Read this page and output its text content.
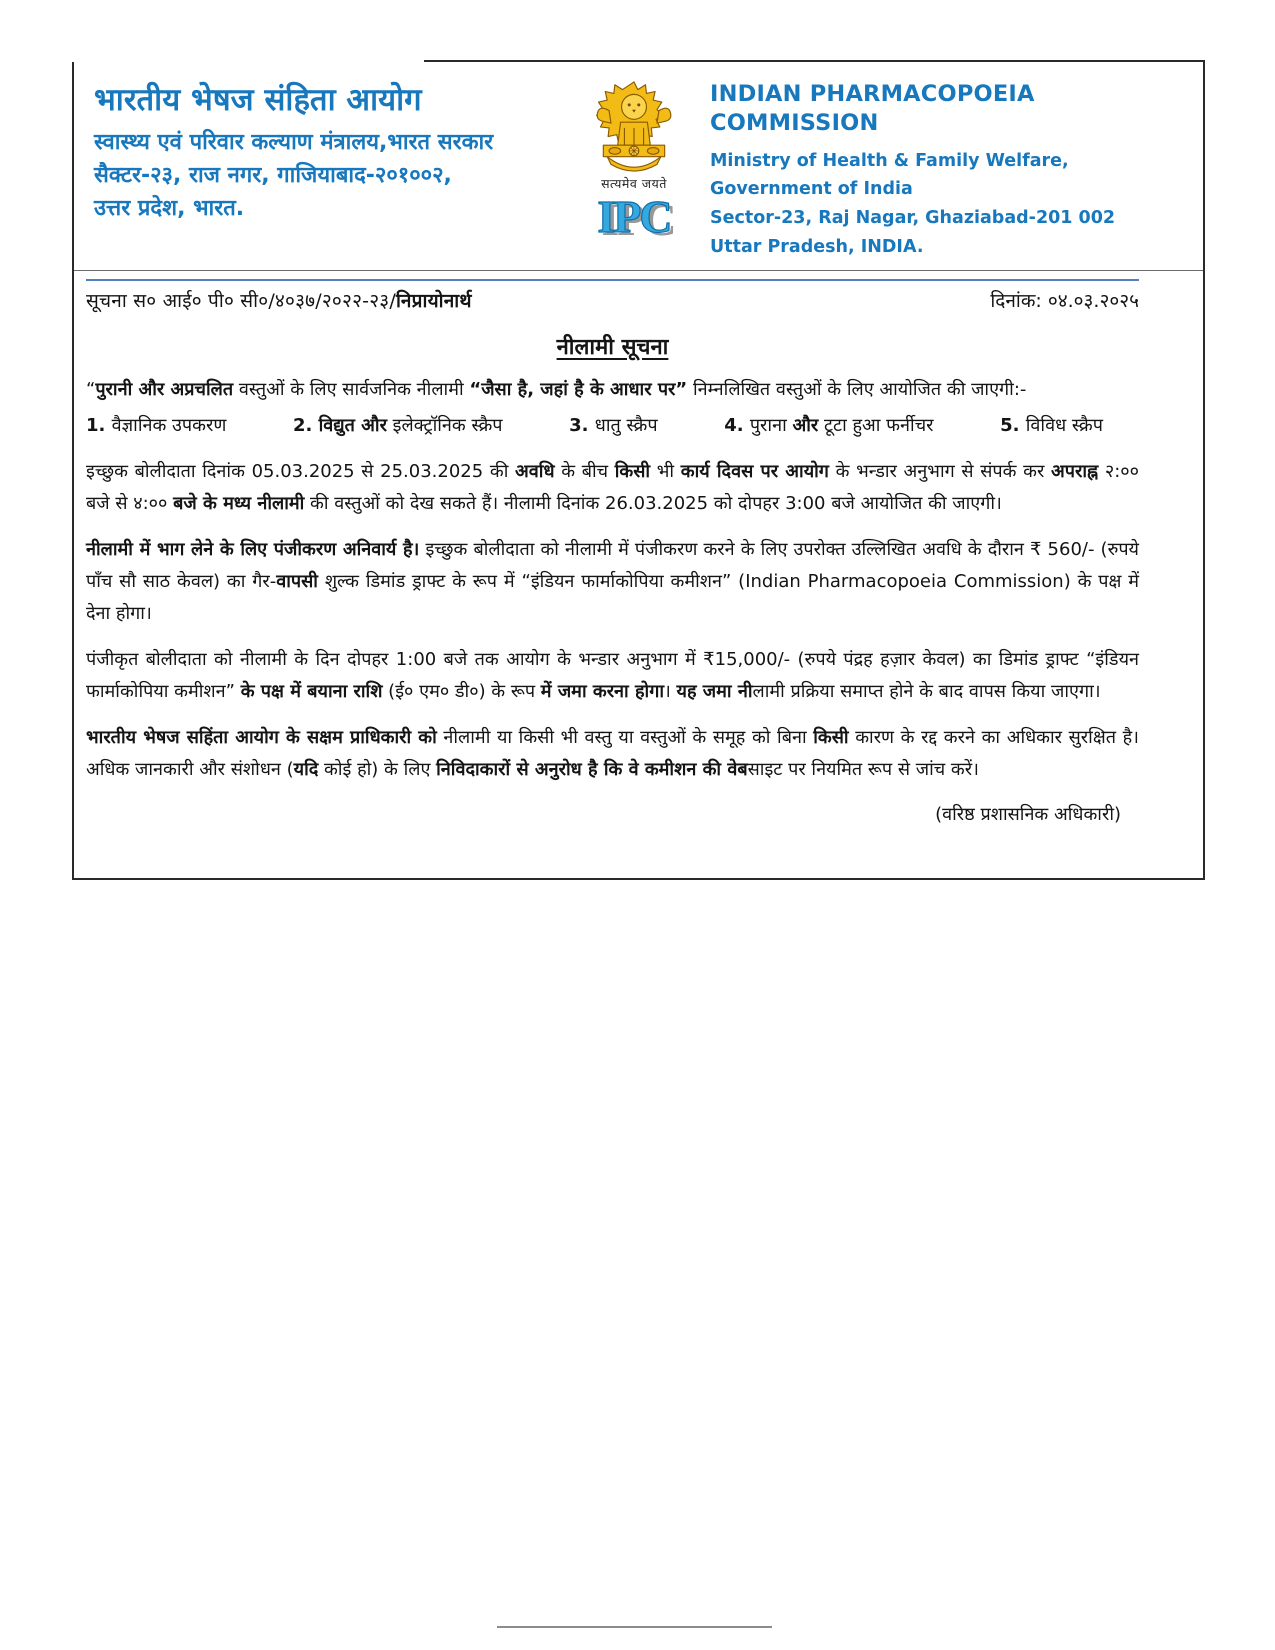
भारतीय भेषज संहिता आयोग
स्वास्थ्य एवं परिवार कल्याण मंत्रालय,भारत सरकार
सैक्टर-२३, राज नगर, गाजियाबाद-२०१००२,
उत्तर प्रदेश, भारत.
सत्यमेव जयते
IPC
INDIAN PHARMACOPOEIA COMMISSION
Ministry of Health & Family Welfare, Government of India
Sector-23, Raj Nagar, Ghaziabad-201 002
Uttar Pradesh, INDIA.
सूचना स० आई० पी० सी०/४०३७/२०२२-२३/निप्रायोनार्थ	दिनांक: ०४.०३.२०२५
नीलामी सूचना

“पुरानी और अप्रचलित वस्तुओं के लिए सार्वजनिक नीलामी “जैसा है, जहां है के आधार पर” निम्नलिखित वस्तुओं के लिए आयोजित की जाएगी:-

1. वैज्ञानिक उपकरण	2. विद्युत और इलेक्ट्रॉनिक स्क्रैप	3. धातु स्क्रैप	4. पुराना और टूटा हुआ फर्नीचर	5. विविध स्क्रैप

इच्छुक बोलीदाता दिनांक 05.03.2025 से 25.03.2025 की अवधि के बीच किसी भी कार्य दिवस पर आयोग के भन्डार अनुभाग से संपर्क कर अपराह्न २:०० बजे से ४:०० बजे के मध्य नीलामी की वस्तुओं को देख सकते हैं। नीलामी दिनांक 26.03.2025 को दोपहर 3:00 बजे आयोजित की जाएगी।

नीलामी में भाग लेने के लिए पंजीकरण अनिवार्य है। इच्छुक बोलीदाता को नीलामी में पंजीकरण करने के लिए उपरोक्त उल्लिखित अवधि के दौरान ₹ 560/- (रुपये पाँच सौ साठ केवल) का गैर-वापसी शुल्क डिमांड ड्राफ्ट के रूप में “इंडियन फार्माकोपिया कमीशन” (Indian Pharmacopoeia Commission) के पक्ष में देना होगा।

पंजीकृत बोलीदाता को नीलामी के दिन दोपहर 1:00 बजे तक आयोग के भन्डार अनुभाग में ₹15,000/- (रुपये पंद्रह हज़ार केवल) का डिमांड ड्राफ्ट “इंडियन फार्माकोपिया कमीशन” के पक्ष में बयाना राशि (ई० एम० डी०) के रूप में जमा करना होगा। यह जमा नीलामी प्रक्रिया समाप्त होने के बाद वापस किया जाएगा।

भारतीय भेषज सहिंता आयोग के सक्षम प्राधिकारी को नीलामी या किसी भी वस्तु या वस्तुओं के समूह को बिना किसी कारण के रद्द करने का अधिकार सुरक्षित है। अधिक जानकारी और संशोधन (यदि कोई हो) के लिए निविदाकारों से अनुरोध है कि वे कमीशन की वेबसाइट पर नियमित रूप से जांच करें।

(वरिष्ठ प्रशासनिक अधिकारी)
